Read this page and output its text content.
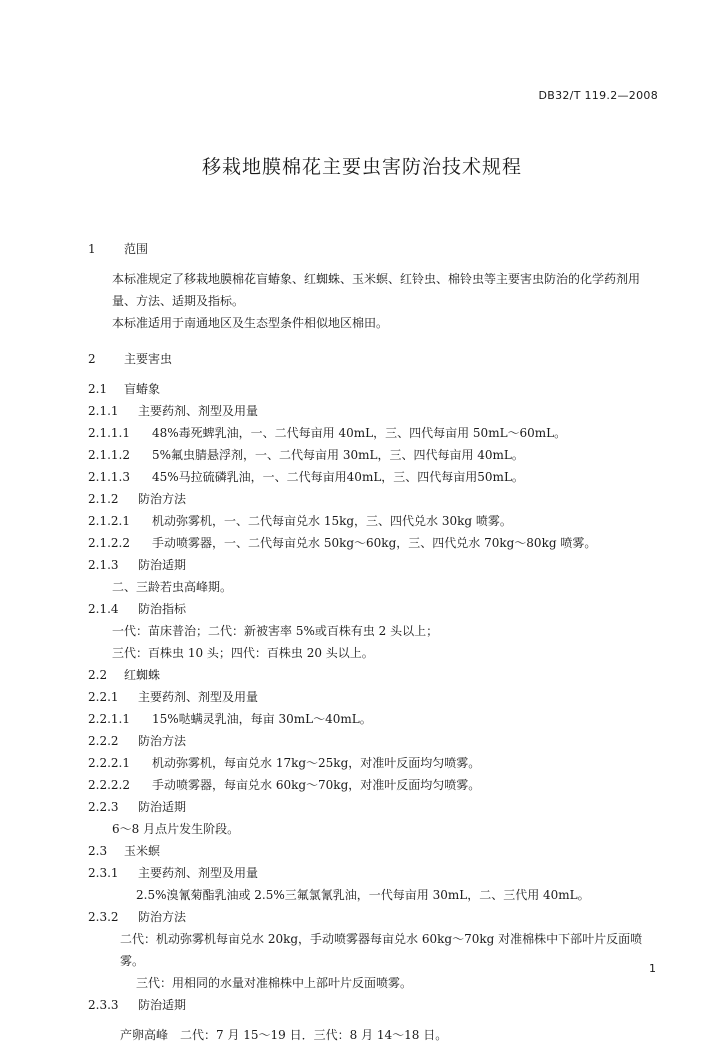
DB32/T 119.2—2008
移栽地膜棉花主要虫害防治技术规程
1 范围
本标准规定了移栽地膜棉花盲蝽象、红蜘蛛、玉米螟、红铃虫、棉铃虫等主要害虫防治的化学药剂用量、方法、适期及指标。
本标准适用于南通地区及生态型条件相似地区棉田。
2 主要害虫
2.1 盲蝽象
2.1.1 主要药剂、剂型及用量
2.1.1.1 48%毒死蜱乳油，一、二代每亩用 40mL，三、四代每亩用 50mL～60mL。
2.1.1.2 5%氟虫腈悬浮剂，一、二代每亩用 30mL，三、四代每亩用 40mL。
2.1.1.3 45%马拉硫磷乳油，一、二代每亩用40mL，三、四代每亩用50mL。
2.1.2 防治方法
2.1.2.1 机动弥雾机，一、二代每亩兑水 15kg，三、四代兑水 30kg 喷雾。
2.1.2.2 手动喷雾器，一、二代每亩兑水 50kg～60kg，三、四代兑水 70kg～80kg 喷雾。
2.1.3 防治适期
二、三龄若虫高峰期。
2.1.4 防治指标
一代：苗床普治；二代：新被害率 5%或百株有虫 2 头以上；
三代：百株虫 10 头；四代：百株虫 20 头以上。
2.2 红蜘蛛
2.2.1 主要药剂、剂型及用量
2.2.1.1 15%哒螨灵乳油，每亩 30mL～40mL。
2.2.2 防治方法
2.2.2.1 机动弥雾机，每亩兑水 17kg～25kg，对准叶反面均匀喷雾。
2.2.2.2 手动喷雾器，每亩兑水 60kg～70kg，对准叶反面均匀喷雾。
2.2.3 防治适期
6～8 月点片发生阶段。
2.3 玉米螟
2.3.1 主要药剂、剂型及用量
2.5%溴氰菊酯乳油或 2.5%三氟氯氰乳油，一代每亩用 30mL，二、三代用 40mL。
2.3.2 防治方法
二代：机动弥雾机每亩兑水 20kg，手动喷雾器每亩兑水 60kg～70kg 对准棉株中下部叶片反面喷雾。
三代：用相同的水量对准棉株中上部叶片反面喷雾。
2.3.3 防治适期
产卵高峰　二代：7 月 15～19 日．三代：8 月 14～18 日。
1
